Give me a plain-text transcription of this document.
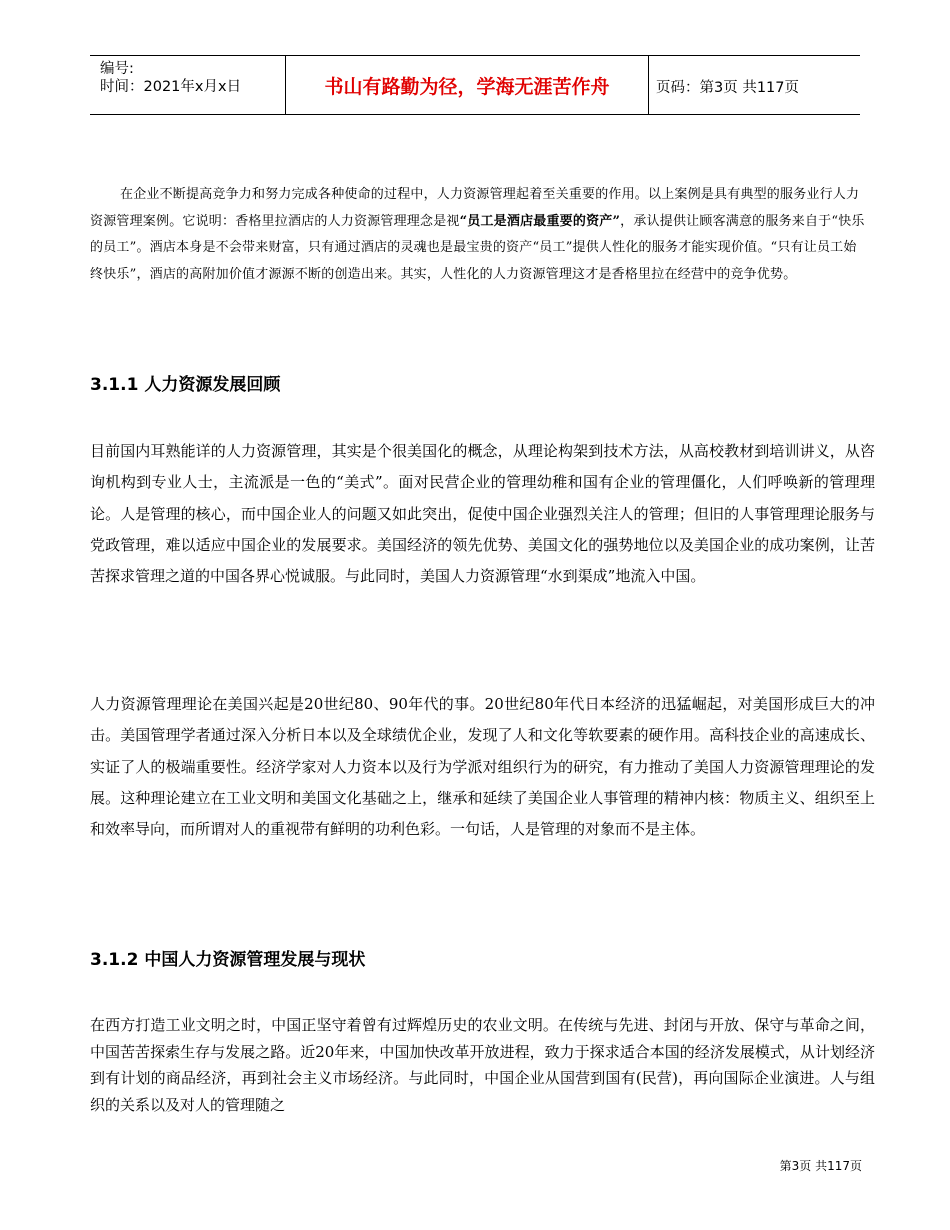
编号:
时间：2021年x月x日	书山有路勤为径，学海无涯苦作舟	页码：第3页 共117页

在企业不断提高竞争力和努力完成各种使命的过程中，人力资源管理起着至关重要的作用。以上案例是具有典型的服务业行人力资源管理案例。它说明：香格里拉酒店的人力资源管理理念是视“员工是酒店最重要的资产”，承认提供让顾客满意的服务来自于“快乐的员工”。酒店本身是不会带来财富，只有通过酒店的灵魂也是最宝贵的资产“员工”提供人性化的服务才能实现价值。“只有让员工始终快乐”，酒店的高附加价值才源源不断的创造出来。其实，人性化的人力资源管理这才是香格里拉在经营中的竞争优势。

3.1.1 人力资源发展回顾

目前国内耳熟能详的人力资源管理，其实是个很美国化的概念，从理论构架到技术方法，从高校教材到培训讲义，从咨询机构到专业人士，主流派是一色的“美式”。面对民营企业的管理幼稚和国有企业的管理僵化，人们呼唤新的管理理论。人是管理的核心，而中国企业人的问题又如此突出，促使中国企业强烈关注人的管理；但旧的人事管理理论服务与党政管理，难以适应中国企业的发展要求。美国经济的领先优势、美国文化的强势地位以及美国企业的成功案例，让苦苦探求管理之道的中国各界心悦诚服。与此同时，美国人力资源管理“水到渠成”地流入中国。

人力资源管理理论在美国兴起是20世纪80、90年代的事。20世纪80年代日本经济的迅猛崛起，对美国形成巨大的冲击。美国管理学者通过深入分析日本以及全球绩优企业，发现了人和文化等软要素的硬作用。高科技企业的高速成长、实证了人的极端重要性。经济学家对人力资本以及行为学派对组织行为的研究，有力推动了美国人力资源管理理论的发展。这种理论建立在工业文明和美国文化基础之上，继承和延续了美国企业人事管理的精神内核：物质主义、组织至上和效率导向，而所谓对人的重视带有鲜明的功利色彩。一句话，人是管理的对象而不是主体。

3.1.2 中国人力资源管理发展与现状

在西方打造工业文明之时，中国正坚守着曾有过辉煌历史的农业文明。在传统与先进、封闭与开放、保守与革命之间，中国苦苦探索生存与发展之路。近20年来，中国加快改革开放进程，致力于探求适合本国的经济发展模式，从计划经济到有计划的商品经济，再到社会主义市场经济。与此同时，中国企业从国营到国有(民营)，再向国际企业演进。人与组织的关系以及对人的管理随之

第3页 共117页
